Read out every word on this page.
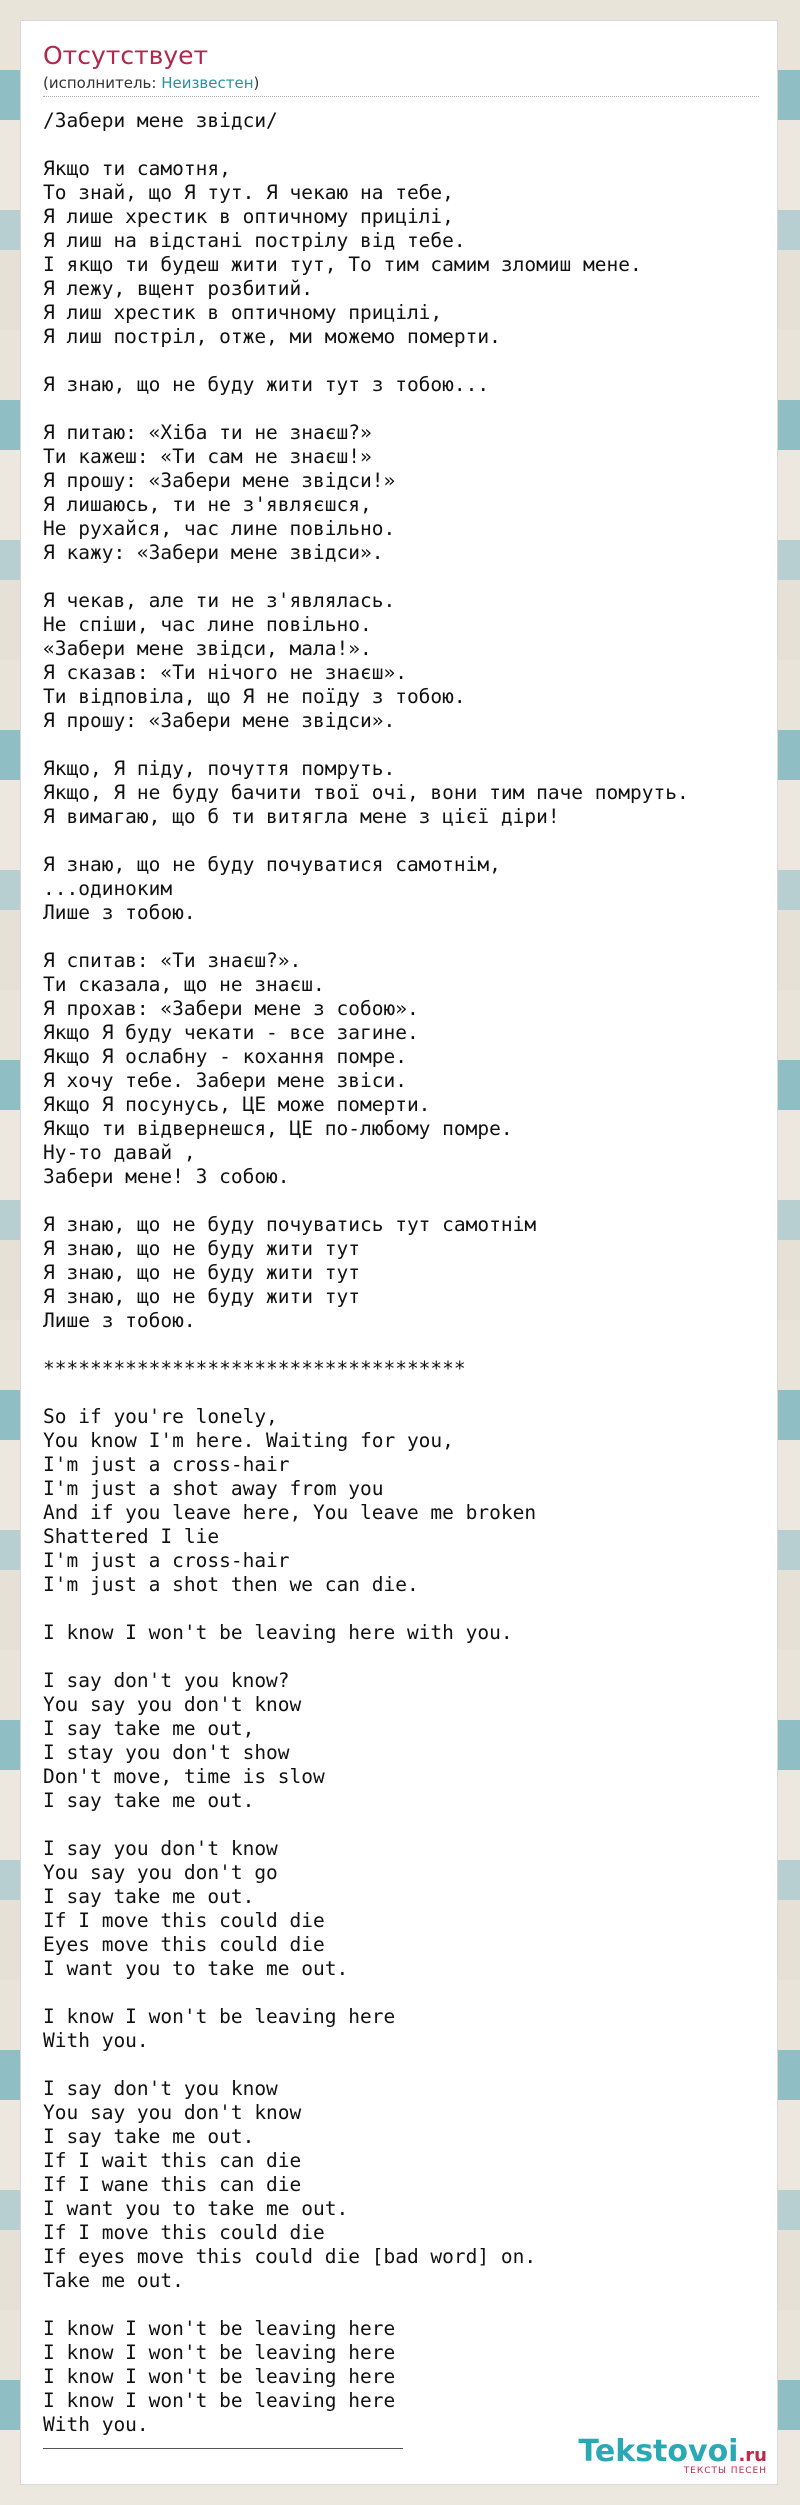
Отсутствует
(исполнитель: Неизвестен)
/Забери мене звідси/

Якщо ти самотня,
То знай, що Я тут. Я чекаю на тебе,
Я лише хрестик в оптичному прицілі,
Я лиш на відстані пострілу від тебе.
І якщо ти будеш жити тут, То тим самим зломиш мене.
Я лежу, вщент розбитий.
Я лиш хрестик в оптичному прицілі,
Я лиш постріл, отже, ми можемо померти.

Я знаю, що не буду жити тут з тобою...

Я питаю: «Хіба ти не знаєш?»
Ти кажеш: «Ти сам не знаєш!»
Я прошу: «Забери мене звідси!»
Я лишаюсь, ти не з'являєшся,
Не рухайся, час лине повільно.
Я кажу: «Забери мене звідси».

Я чекав, але ти не з'являлась.
Не спіши, час лине повільно.
«Забери мене звідси, мала!».
Я сказав: «Ти нічого не знаєш».
Ти відповіла, що Я не поїду з тобою.
Я прошу: «Забери мене звідси».

Якщо, Я піду, почуття помруть.
Якщо, Я не буду бачити твої очі, вони тим паче помруть.
Я вимагаю, що б ти витягла мене з цієї діри!

Я знаю, що не буду почуватися самотнім,
...одиноким
Лише з тобою.

Я спитав: «Ти знаєш?».
Ти сказала, що не знаєш.
Я прохав: «Забери мене з собою».
Якщо Я буду чекати - все загине.
Якщо Я ослабну - кохання помре.
Я хочу тебе. Забери мене звіси.
Якщо Я посунусь, ЦЕ може померти.
Якщо ти відвернешся, ЦЕ по-любому помре.
Ну-то давай ,
Забери мене! З собою.

Я знаю, що не буду почуватись тут самотнім
Я знаю, що не буду жити тут
Я знаю, що не буду жити тут
Я знаю, що не буду жити тут
Лише з тобою.

************************************

So if you're lonely,
You know I'm here. Waiting for you,
I'm just a cross-hair
I'm just a shot away from you
And if you leave here, You leave me broken
Shattered I lie
I'm just a cross-hair
I'm just a shot then we can die.

I know I won't be leaving here with you.

I say don't you know?
You say you don't know
I say take me out,
I stay you don't show
Don't move, time is slow
I say take me out.

I say you don't know
You say you don't go
I say take me out.
If I move this could die
Eyes move this could die
I want you to take me out.

I know I won't be leaving here
With you.

I say don't you know
You say you don't know
I say take me out.
If I wait this can die
If I wane this can die
I want you to take me out.
If I move this could die
If eyes move this could die [bad word] on.
Take me out.

I know I won't be leaving here
I know I won't be leaving here
I know I won't be leaving here
I know I won't be leaving here
With you.
Tekstovoi.ru
ТЕКСТЫ ПЕСЕН
